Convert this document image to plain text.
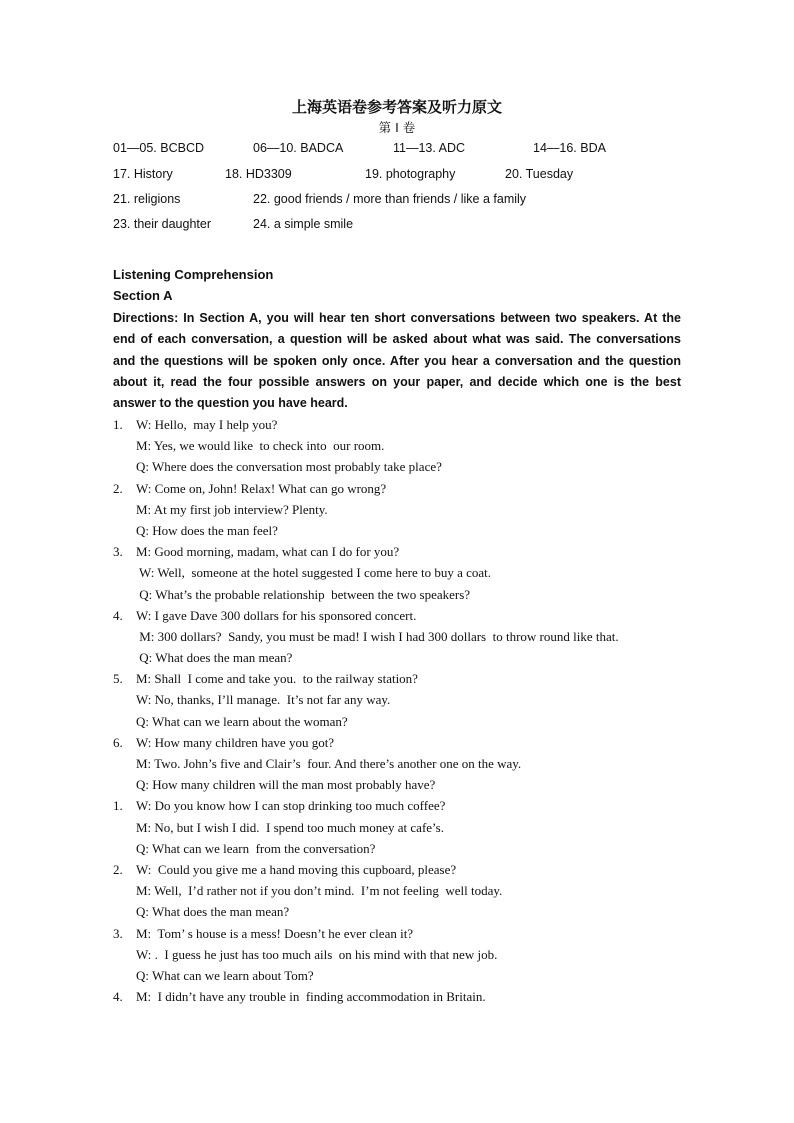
上海英语卷参考答案及听力原文
第 I 卷
01—05. BCBCD	06—10. BADCA	11—13. ADC	14—16. BDA
17. History	18. HD3309	19. photography	20. Tuesday
21. religions	22. good friends / more than friends / like a family
23. their daughter	24. a simple smile
Listening Comprehension
Section A

Directions: In Section A, you will hear ten short conversations between two speakers. At the end of each conversation, a question will be asked about what was said. The conversations and the questions will be spoken only once. After you hear a conversation and the question about it, read the four possible answers on your paper, and decide which one is the best answer to the question you have heard.

1. W: Hello,  may I help you?
M: Yes, we would like  to check into  our room.
Q: Where does the conversation most probably take place?
2. W: Come on, John! Relax! What can go wrong?
M: At my first job interview? Plenty.
Q: How does the man feel?
3. M: Good morning, madam, what can I do for you?
W: Well,  someone at the hotel suggested I come here to buy a coat.
Q: What’s the probable relationship  between the two speakers?
4. W: I gave Dave 300 dollars for his sponsored concert.
M: 300 dollars?  Sandy, you must be mad! I wish I had 300 dollars  to throw round like that.
Q: What does the man mean?
5. M: Shall  I come and take you.  to the railway station?
W: No, thanks, I’ll manage.  It’s not far any way.
Q: What can we learn about the woman?
6. W: How many children have you got?
M: Two. John’s five and Clair’s  four. And there’s another one on the way.
Q: How many children will the man most probably have?
1. W: Do you know how I can stop drinking too much coffee?
M: No, but I wish I did.  I spend too much money at cafe’s.
Q: What can we learn  from the conversation?
2. W:  Could you give me a hand moving this cupboard, please?
M: Well,  I’d rather not if you don’t mind.  I’m not feeling  well today.
Q: What does the man mean?
3. M:  Tom’ s house is a mess! Doesn’t he ever clean it?
W: .  I guess he just has too much ails  on his mind with that new job.
Q: What can we learn about Tom?
4. M:  I didn’t have any trouble in  finding accommodation in Britain.
